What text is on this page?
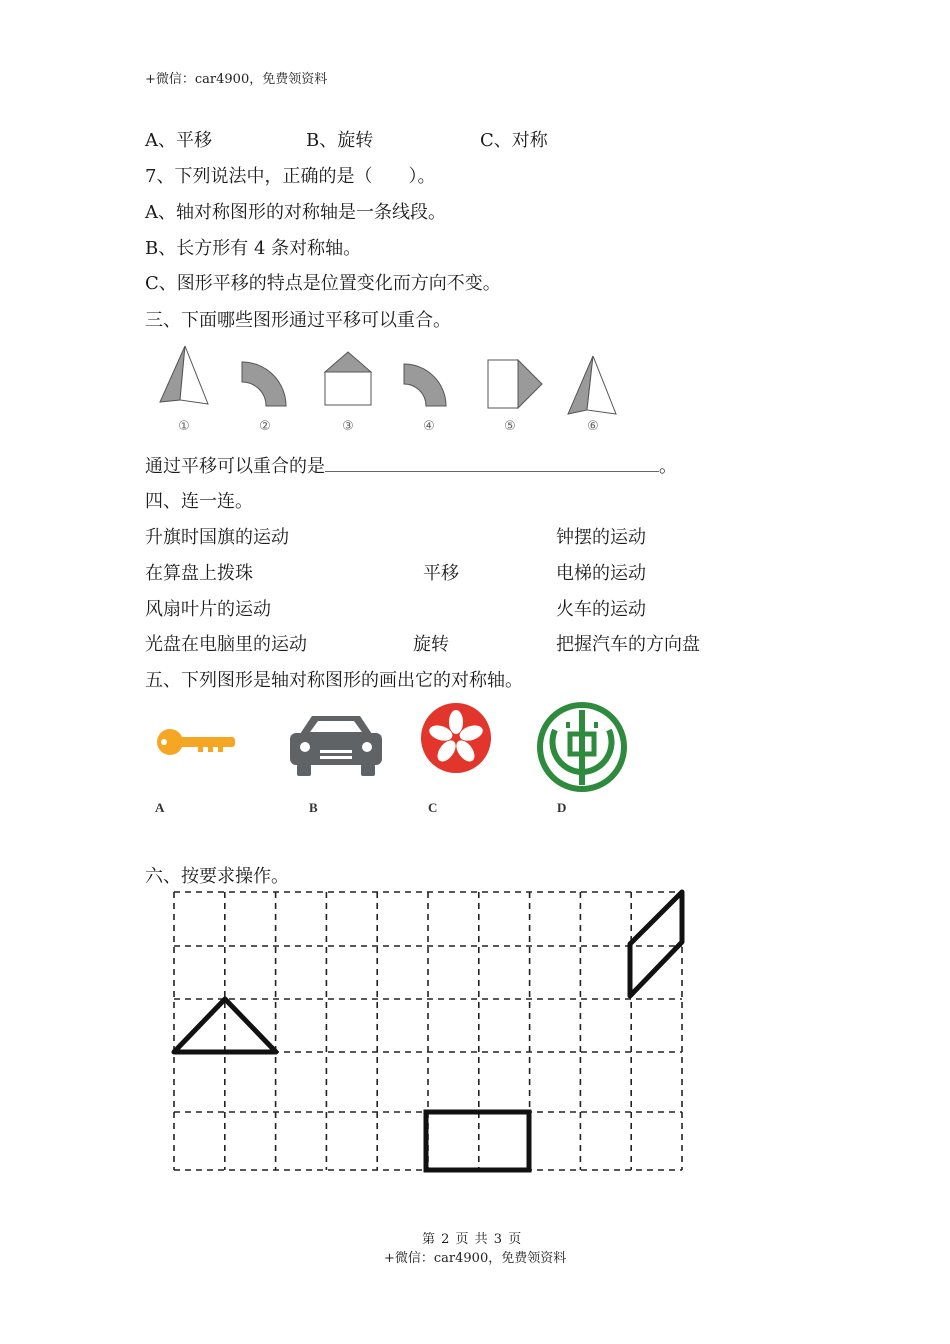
+微信：car4900，免费领资料
A、平移	B、旋转	C、对称
7、下列说法中，正确的是（　　）。
A、轴对称图形的对称轴是一条线段。
B、长方形有 4 条对称轴。
C、图形平移的特点是位置变化而方向不变。
三、下面哪些图形通过平移可以重合。
①	②	③	④	⑤	⑥
通过平移可以重合的是	。
四、连一连。
升旗时国旗的运动
在算盘上拨珠
风扇叶片的运动
光盘在电脑里的运动
平移
旋转
钟摆的运动
电梯的运动
火车的运动
把握汽车的方向盘
五、下列图形是轴对称图形的画出它的对称轴。
A	B	C	D
六、按要求操作。
第 2 页 共 3 页
+微信：car4900，免费领资料
